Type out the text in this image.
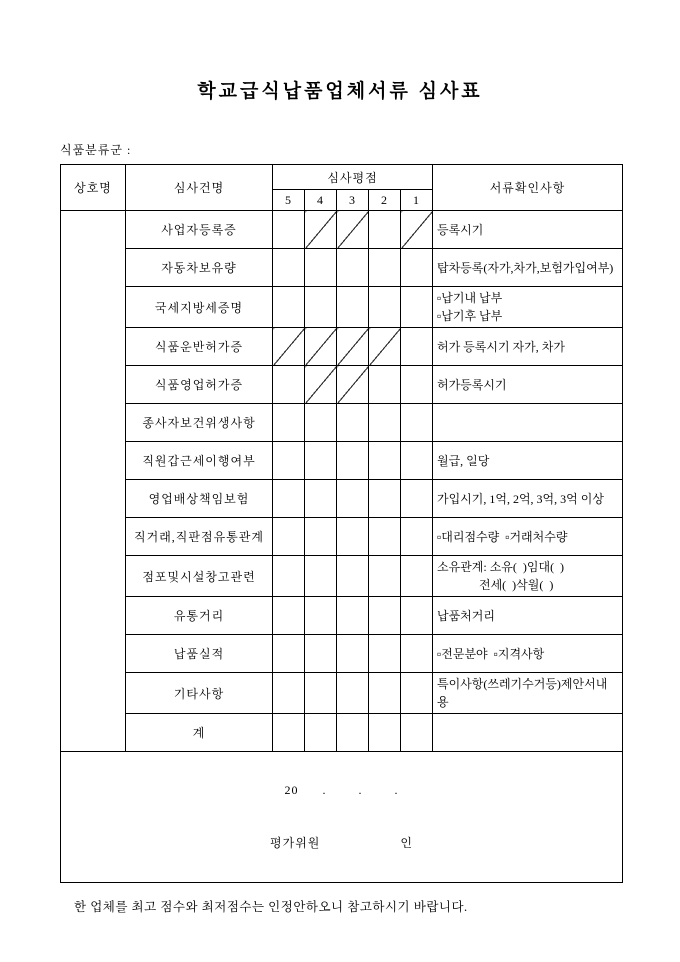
학교급식납품업체서류 심사표
식품분류군 :
상호명	심사건명	심사평점					서류확인사항
		5	4	3	2	1	
	사업자등록증						등록시기

	자동차보유량						탑차등록(자가,차가,보험가입여부)

	국세지방세증명						▫납기내 납부
▫납기후 납부

	식품운반허가증						허가 등록시기 자가, 차가

	식품영업허가증						허가등록시기

	종사자보건위생사항						
	직원갑근세이행여부						월급, 일당

	영업배상책임보험						가입시기, 1억, 2억, 3억, 3억 이상

	직거래,직판점유통관계						▫대리점수량  ▫거래처수량

	점포및시설창고관련						소유관계: 소유(  )임대(  )
전세(  )삭월(  )

	유통거리						납품처거리

	납품실적						▫전문분야  ▫지격사항

	기타사항						특이사항(쓰레기수거등)제안서내용

	계						

20      .        .        .
평가위원                    인							
한 업체를 최고 점수와 최저점수는 인정안하오니 참고하시기 바랍니다.
